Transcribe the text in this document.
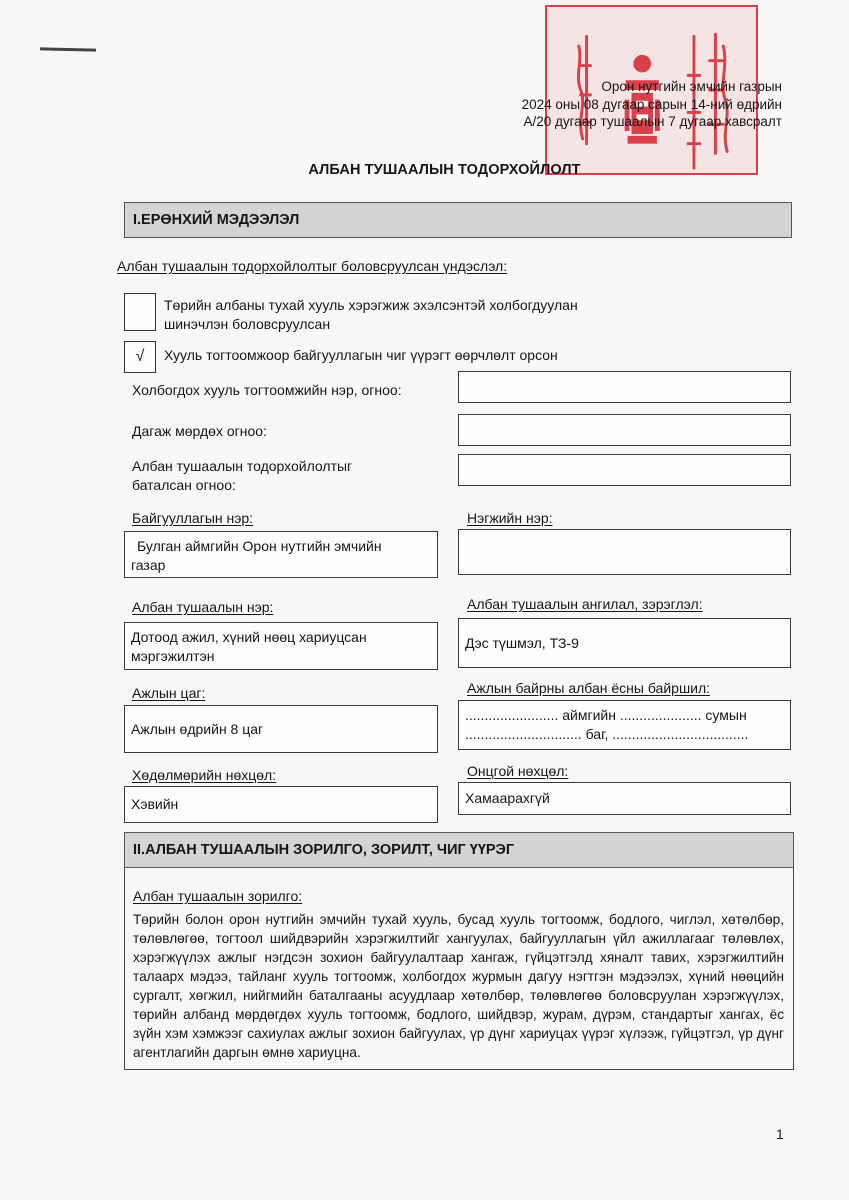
Орон нутгийн эмчийн газрын
2024 оны 08 дугаар сарын 14-ний өдрийн
А/20 дугаар тушаалын 7 дугаар хавсралт
АЛБАН ТУШААЛЫН ТОДОРХОЙЛОЛТ
I.ЕРӨНХИЙ МЭДЭЭЛЭЛ
Албан тушаалын тодорхойлолтыг боловсруулсан үндэслэл:
Төрийн албаны тухай хууль хэрэгжиж эхэлсэнтэй холбогдуулан
шинэчлэн боловсруулсан
√	Хууль тогтоомжоор байгууллагын чиг үүрэгт өөрчлөлт орсон
Холбогдох хууль тогтоомжийн нэр, огноо:
Дагаж мөрдөх огноо:
Албан тушаалын тодорхойлолтыг
баталсан огноо:
Байгууллагын нэр:
Булган аймгийн Орон нутгийн эмчийн
газар
Нэгжийн нэр:
Албан тушаалын нэр:
Дотоод ажил, хүний нөөц хариуцсан
мэргэжилтэн
Албан тушаалын ангилал, зэрэглэл:
Дэс түшмэл, ТЗ-9
Ажлын цаг:
Ажлын өдрийн 8 цаг
Ажлын байрны албан ёсны байршил:
........................ аймгийн ..................... сумын
.............................. баг, ...................................
Хөдөлмөрийн нөхцөл:
Хэвийн
Онцгой нөхцөл:
Хамаарахгүй
II.АЛБАН ТУШААЛЫН ЗОРИЛГО, ЗОРИЛТ, ЧИГ ҮҮРЭГ
Албан тушаалын зорилго:
Төрийн болон орон нутгийн эмчийн тухай хууль, бусад хууль тогтоомж, бодлого, чиглэл, хөтөлбөр, төлөвлөгөө, тогтоол шийдвэрийн хэрэгжилтийг хангуулах, байгууллагын үйл ажиллагааг төлөвлөх, хэрэгжүүлэх ажлыг нэгдсэн зохион байгуулалтаар хангаж, гүйцэтгэлд хяналт тавих, хэрэгжилтийн талаарх мэдээ, тайланг хууль тогтоомж, холбогдох журмын дагуу нэгтгэн мэдээлэх, хүний нөөцийн сургалт, хөгжил, нийгмийн баталгааны асуудлаар хөтөлбөр, төлөвлөгөө боловсруулан хэрэгжүүлэх, төрийн албанд мөрдөгдөх хууль тогтоомж, бодлого, шийдвэр, журам, дүрэм, стандартыг хангах, ёс зүйн хэм хэмжээг сахиулах ажлыг зохион байгуулах, үр дүнг хариуцах үүрэг хүлээж, гүйцэтгэл, үр дүнг агентлагийн даргын өмнө хариуцна.
1
